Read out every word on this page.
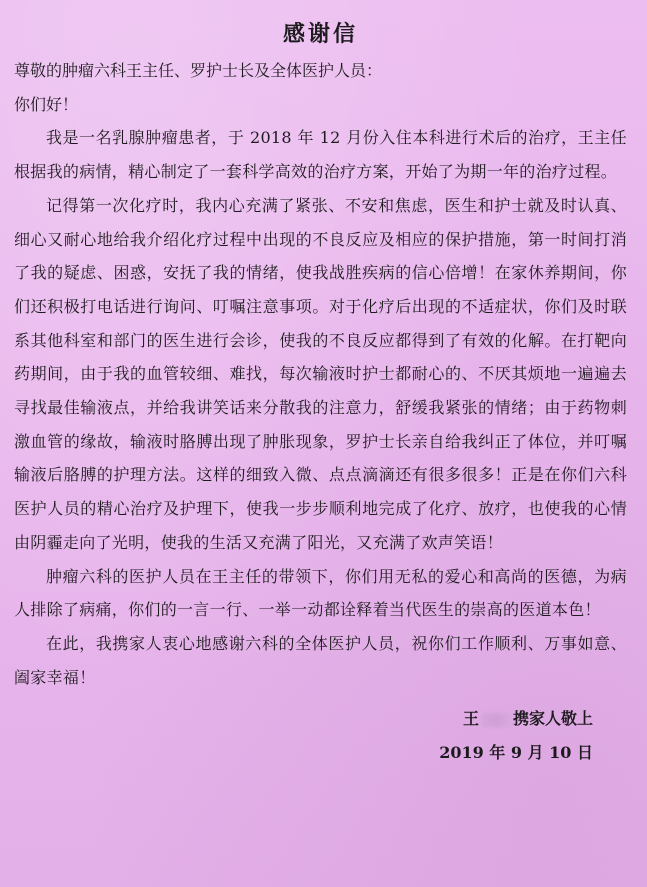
感谢信

尊敬的肿瘤六科王主任、罗护士长及全体医护人员：

你们好！

我是一名乳腺肿瘤患者，于 2018 年 12 月份入住本科进行术后的治疗，王主任根据我的病情，精心制定了一套科学高效的治疗方案，开始了为期一年的治疗过程。

记得第一次化疗时，我内心充满了紧张、不安和焦虑，医生和护士就及时认真、细心又耐心地给我介绍化疗过程中出现的不良反应及相应的保护措施，第一时间打消了我的疑虑、困惑，安抚了我的情绪，使我战胜疾病的信心倍增！在家休养期间，你们还积极打电话进行询问、叮嘱注意事项。对于化疗后出现的不适症状，你们及时联系其他科室和部门的医生进行会诊，使我的不良反应都得到了有效的化解。在打靶向药期间，由于我的血管较细、难找，每次输液时护士都耐心的、不厌其烦地一遍遍去寻找最佳输液点，并给我讲笑话来分散我的注意力，舒缓我紧张的情绪；由于药物刺激血管的缘故，输液时胳膊出现了肿胀现象，罗护士长亲自给我纠正了体位，并叮嘱输液后胳膊的护理方法。这样的细致入微、点点滴滴还有很多很多！正是在你们六科医护人员的精心治疗及护理下，使我一步步顺利地完成了化疗、放疗，也使我的心情由阴霾走向了光明，使我的生活又充满了阳光，又充满了欢声笑语！

肿瘤六科的医护人员在王主任的带领下，你们用无私的爱心和高尚的医德，为病人排除了病痛，你们的一言一行、一举一动都诠释着当代医生的崇高的医道本色！

在此，我携家人衷心地感谢六科的全体医护人员，祝你们工作顺利、万事如意、阖家幸福！

王 携家人敬上

2019 年 9 月 10 日
